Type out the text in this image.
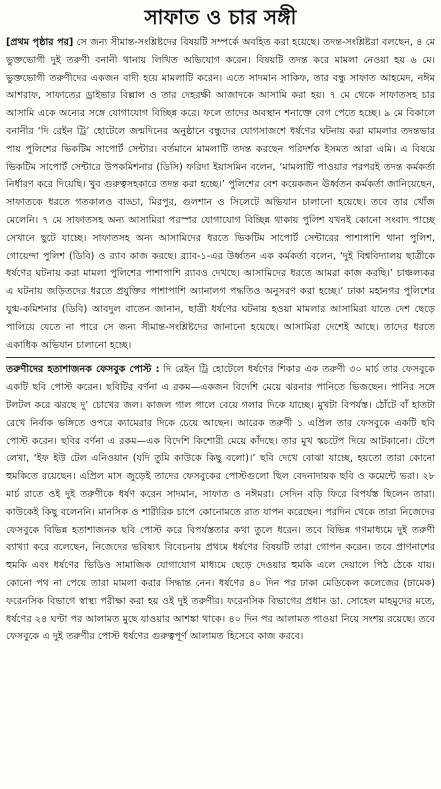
সাফাত ও চার সঙ্গী

[প্রথম পৃষ্ঠার পর] সে জন্য সীমান্ত-সংশ্লিষ্টদের বিষয়টি সম্পর্কে অবহিত করা হয়েছে। তদন্ত-সংশ্লিষ্টরা বলছেন, ৪ মে ভুক্তভোগী দুই তরুণী বনানী থানায় লিখিত অভিযোগ করেন। বিষয়টি তদন্ত করে মামলা নেওয়া হয় ৬ মে। ভুক্তভোগী তরুণীদের একজন বাদী হয়ে মামলাটি করেন। এতে সাদমান সাকিফ, তার বন্ধু সাফাত আহমেদ, নঈম আশরাফ, সাফাতের ড্রাইভার বিল্লাল ও তার দেহরক্ষী আজাদকে আসামি করা হয়। ৭ মে থেকে সাফাতসহ চার আসামি একে অন্যের সঙ্গে যোগাযোগ বিচ্ছিন্ন করে। ফলে তাদের অবস্থান শনাক্তে বেগ পেতে হচ্ছে। ৯ মে বিকালে বনানীর ‘দি রেইন ট্রি’ হোটেলে জন্মদিনের অনুষ্ঠানে বন্ধুদের যোগসাজশে ধর্ষণের ঘটনায় করা মামলার তদন্তভার পায় পুলিশের ভিকটিম সাপোর্ট সেন্টার। বর্তমানে মামলাটি তদন্ত করছেন পরিদর্শক ইসমত আরা এমি। এ বিষয়ে ভিকটিম সাপোর্ট সেন্টারে উপকমিশনার (ডিসি) ফরিদা ইয়াসমিন বলেন, ‘মামলাটি পাওয়ার পরপরই তদন্ত কর্মকর্তা নির্ধারণ করে দিয়েছি। খুব গুরুত্বসহকারে তদন্ত করা হচ্ছে।’ পুলিশের বেশ কয়েকজন ঊর্ধ্বতন কর্মকর্তা জানিয়েছেন, সাফাতকে ধরতে গতকালও বাড্ডা, মিরপুর, গুলশান ও সিলেটে অভিযান চালানো হয়েছে। তবে তার খোঁজ মেলেনি। ৭ মে সাফাতসহ অন্য আসামিরা পরস্পর যোগাযোগ বিচ্ছিন্ন থাকায় পুলিশ যখনই কোনো সংবাদ পাচ্ছে সেখানে ছুটে যাচ্ছে। সাফাতসহ অন্য আসামিদের ধরতে ভিকটিম সাপোর্ট সেন্টারের পাশাপাশি থানা পুলিশ, গোয়েন্দা পুলিশ (ডিবি) ও র‌্যাব কাজ করছে। র‌্যাব-১-এর উর্ধ্বতন এক কর্মকর্তা বলেন, ‘দুই বিশ্ববিদ্যালয় ছাত্রীকে ধর্ষণের ঘটনায় করা মামলা পুলিশের পাশাপাশি র‌্যাবও দেখছে। আসামিদের ধরতে আমরা কাজ করছি।’ চাঞ্চল্যকর এ ঘটনায় জড়িতদের ধরতে প্রযুক্তির পাশাপাশি অ্যানালগ পদ্ধতিও অনুসরণ করা হচ্ছে।’ ঢাকা মহানগর পুলিশের যুগ্ম-কমিশনার (ডিবি) আবদুল বাতেন জানান, ছাত্রী ধর্ষণের ঘটনায় হওয়া মামলার আসামিরা যাতে দেশ ছেড়ে পালিয়ে যেতে না পারে সে জন্য সীমান্ত-সংশ্লিষ্টদের জানানো হয়েছে। আসামিরা দেশেই আছে। তাদের ধরতে একাধিক অভিযান চালানো হচ্ছে।

তরুণীদের হতাশাজনক ফেসবুক পোস্ট : দি রেইন ট্রি হোটেলে ধর্ষণের শিকার এক তরুণী ৩০ মার্চ তার ফেসবুকে একটি ছবি পোস্ট করেন। ছবিটির বর্ণনা এ রকম—একজন বিদেশি মেয়ে ঝরনার পানিতে ভিজছেন। পানির সঙ্গে টলটল করে ঝরছে দু’ চোখের জল। কাজল গাল গালে বেয়ে গলার দিকে যাচ্ছে। মুখটা বিপর্যস্ত। ঠোঁটে বাঁ হাতটা রেখে নির্বাক ভঙ্গিতে ওপরে ক্যামেরার দিকে চেয়ে আছেন। আরেক তরুণী ১ এপ্রিল তার ফেসবুকে একটি ছবি পোস্ট করেন। ছবির বর্ণনা এ রকম—এক বিদেশি কিশোরী মেয়ে কাঁদছে। তার মুখ স্কচটেপ দিয়ে আটকানো। টেপে লেখা, ‘ইফ ইউ টেল এনিওয়ান (যদি তুমি কাউকে কিছু বলো)।’ ছবি দেখে বোঝা যাচ্ছে, হয়তো তারা কোনো হুমকিতে রয়েছেন। এপ্রিল মাস জুড়েই তাদের ফেসবুকের পোস্টগুলো ছিল বেদনাদায়ক ছবি ও কমেন্টে ভরা। ২৮ মার্চ রাতে ওই দুই তরুণীকে ধর্ষণ করেন সাদমান, সাফাত ও নঈমরা। সেদিন বড়ি ফিরে বিপর্যস্ত ছিলেন তারা। কাউকেই কিছু বলেননি। মানসিক ও শারীরিক চাপে কোনোমতে রাত যাপন করেছেন। পরদিন থেকে তারা নিজেদের ফেসবুকে বিভিন্ন হতাশাজনক ছবি পোস্ট করে বিপর্যস্ততার কথা তুলে ধরেন। তবে বিভিন্ন গণমাধ্যমে দুই তরুণী ব্যাখ্যা করে বলেছেন, নিজেদের ভবিষ্যৎ বিবেচনায় প্রথমে ধর্ষণের বিষয়টি তারা গোপন করেন। তবে প্রাণনাশের হুমকি এবং ধর্ষণের ভিডিও সামাজিক যোগাযোগ মাধ্যমে ছেড়ে দেওয়ার হুমকি এলে দেয়ালে পিঠ ঠেকে যায়। কোনো পথ না পেয়ে তারা মামলা করার সিদ্ধান্ত নেন। ধর্ষণের ৪০ দিন পর ঢাকা মেডিকেল কলেজের (ঢামেক) ফরেনসিক বিভাগে স্বাস্থ্য পরীক্ষা করা হয় ওই দুই তরুণীর। ফরেনসিক বিভাগের প্রধান ডা. সোহেল মাহমুদের মতে, ধর্ষণের ২৪ ঘণ্টা পর আলামত মুছে যাওয়ার আশঙ্কা থাকে। ৪০ দিন পর আলামত পাওয়া নিয়ে সংশয় রয়েছে। তবে ফেসবুকে এ দুই তরুণীর পোস্ট ধর্ষণের গুরুত্বপূর্ণ আলামত হিসেবে কাজ করবে।
